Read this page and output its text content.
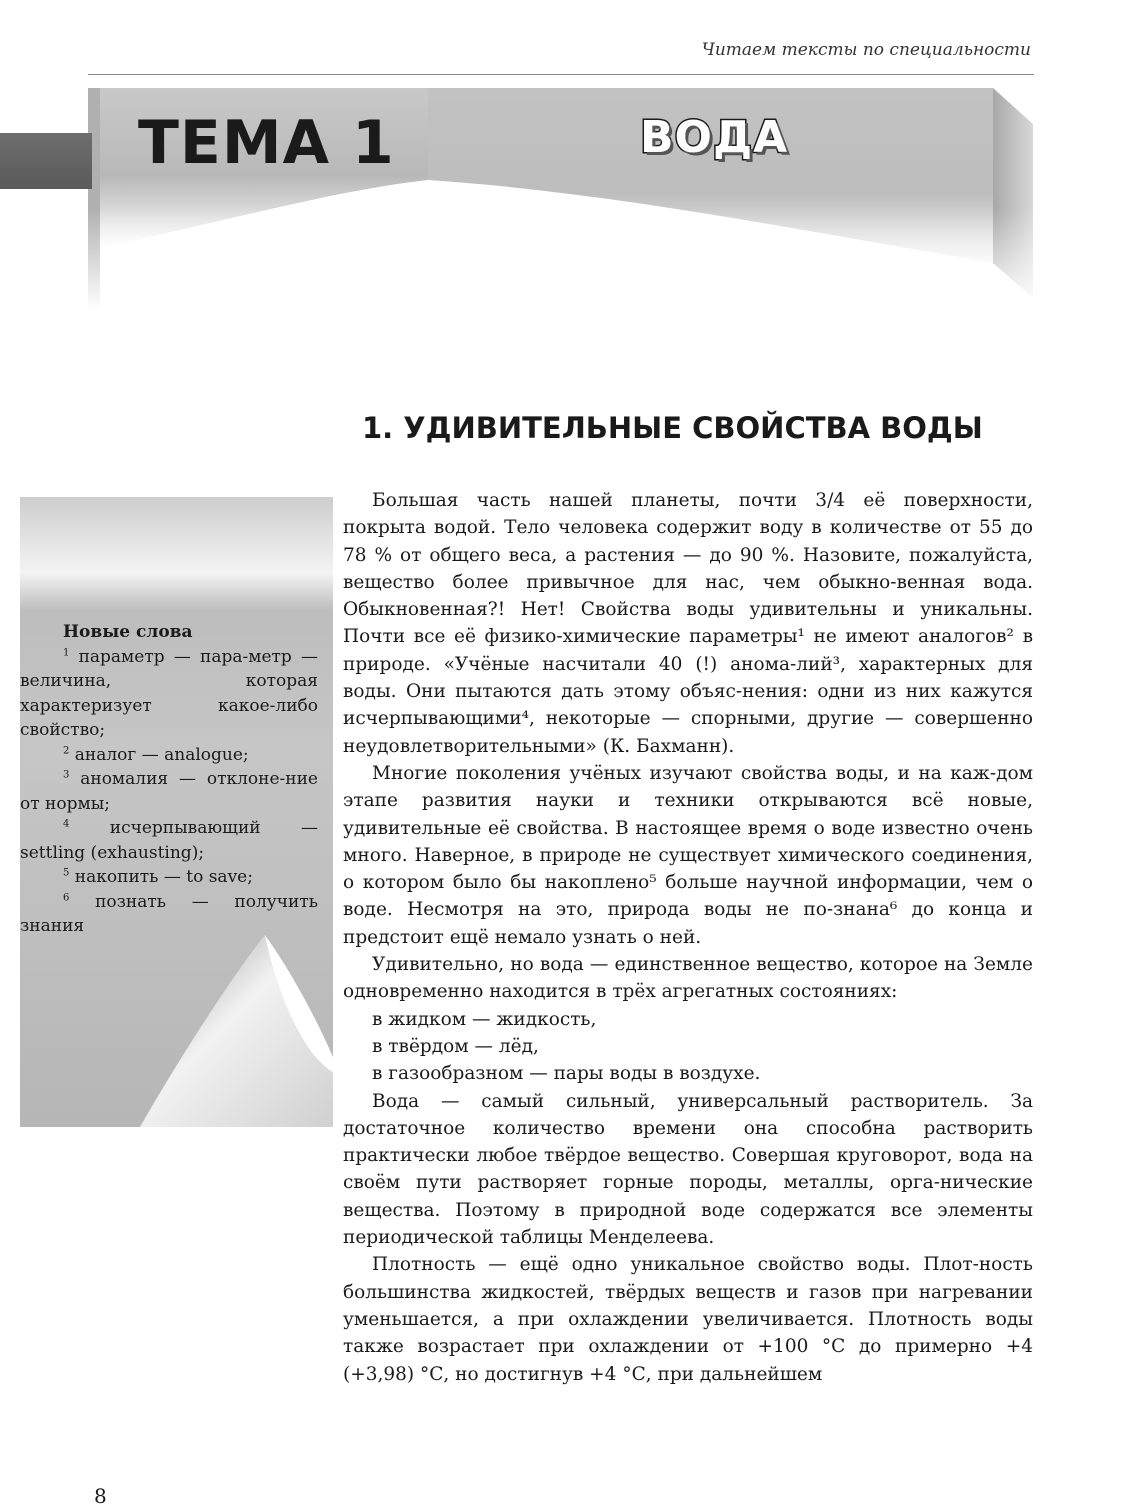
Читаем тексты по специальности
ТЕМА 1	ВОДА
1. УДИВИТЕЛЬНЫЕ СВОЙСТВА ВОДЫ
Новые слова
$^1$ параметр — пара-метр — величина, которая характеризует какое-либо свойство;
$^2$ аналог — analogue;
$^3$ аномалия — отклоне-ние от нормы;
$^4$ исчерпывающий — settling (exhausting);
$^5$ накопить — to save;
$^6$ познать — получить знания

Большая часть нашей планеты, почти 3/4 её поверхности, покрыта водой. Тело человека содержит воду в количестве от 55 до 78 % от общего веса, а растения — до 90 %. Назовите, пожалуйста, вещество более привычное для нас, чем обыкно-венная вода. Обыкновенная?! Нет! Свойства воды удивительны и уникальны. Почти все её физико-химические параметры¹ не имеют аналогов² в природе. «Учёные насчитали 40 (!) анома-лий³, характерных для воды. Они пытаются дать этому объяс-нения: одни из них кажутся исчерпывающими⁴, некоторые — спорными, другие — совершенно неудовлетворительными» (К. Бахманн).

Многие поколения учёных изучают свойства воды, и на каж-дом этапе развития науки и техники открываются всё новые, удивительные её свойства. В настоящее время о воде известно очень много. Наверное, в природе не существует химического соединения, о котором было бы накоплено⁵ больше научной информации, чем о воде. Несмотря на это, природа воды не по-знана⁶ до конца и предстоит ещё немало узнать о ней.

Удивительно, но вода — единственное вещество, которое на Земле одновременно находится в трёх агрегатных состояниях:

в жидком — жидкость,

в твёрдом — лёд,

в газообразном — пары воды в воздухе.

Вода — самый сильный, универсальный растворитель. За достаточное количество времени она способна растворить практически любое твёрдое вещество. Совершая круговорот, вода на своём пути растворяет горные породы, металлы, орга-нические вещества. Поэтому в природной воде содержатся все элементы периодической таблицы Менделеева.

Плотность — ещё одно уникальное свойство воды. Плот-ность большинства жидкостей, твёрдых веществ и газов при нагревании уменьшается, а при охлаждении увеличивается. Плотность воды также возрастает при охлаждении от +100 °С до примерно +4 (+3,98) °С, но достигнув +4 °С, при дальнейшем

8
